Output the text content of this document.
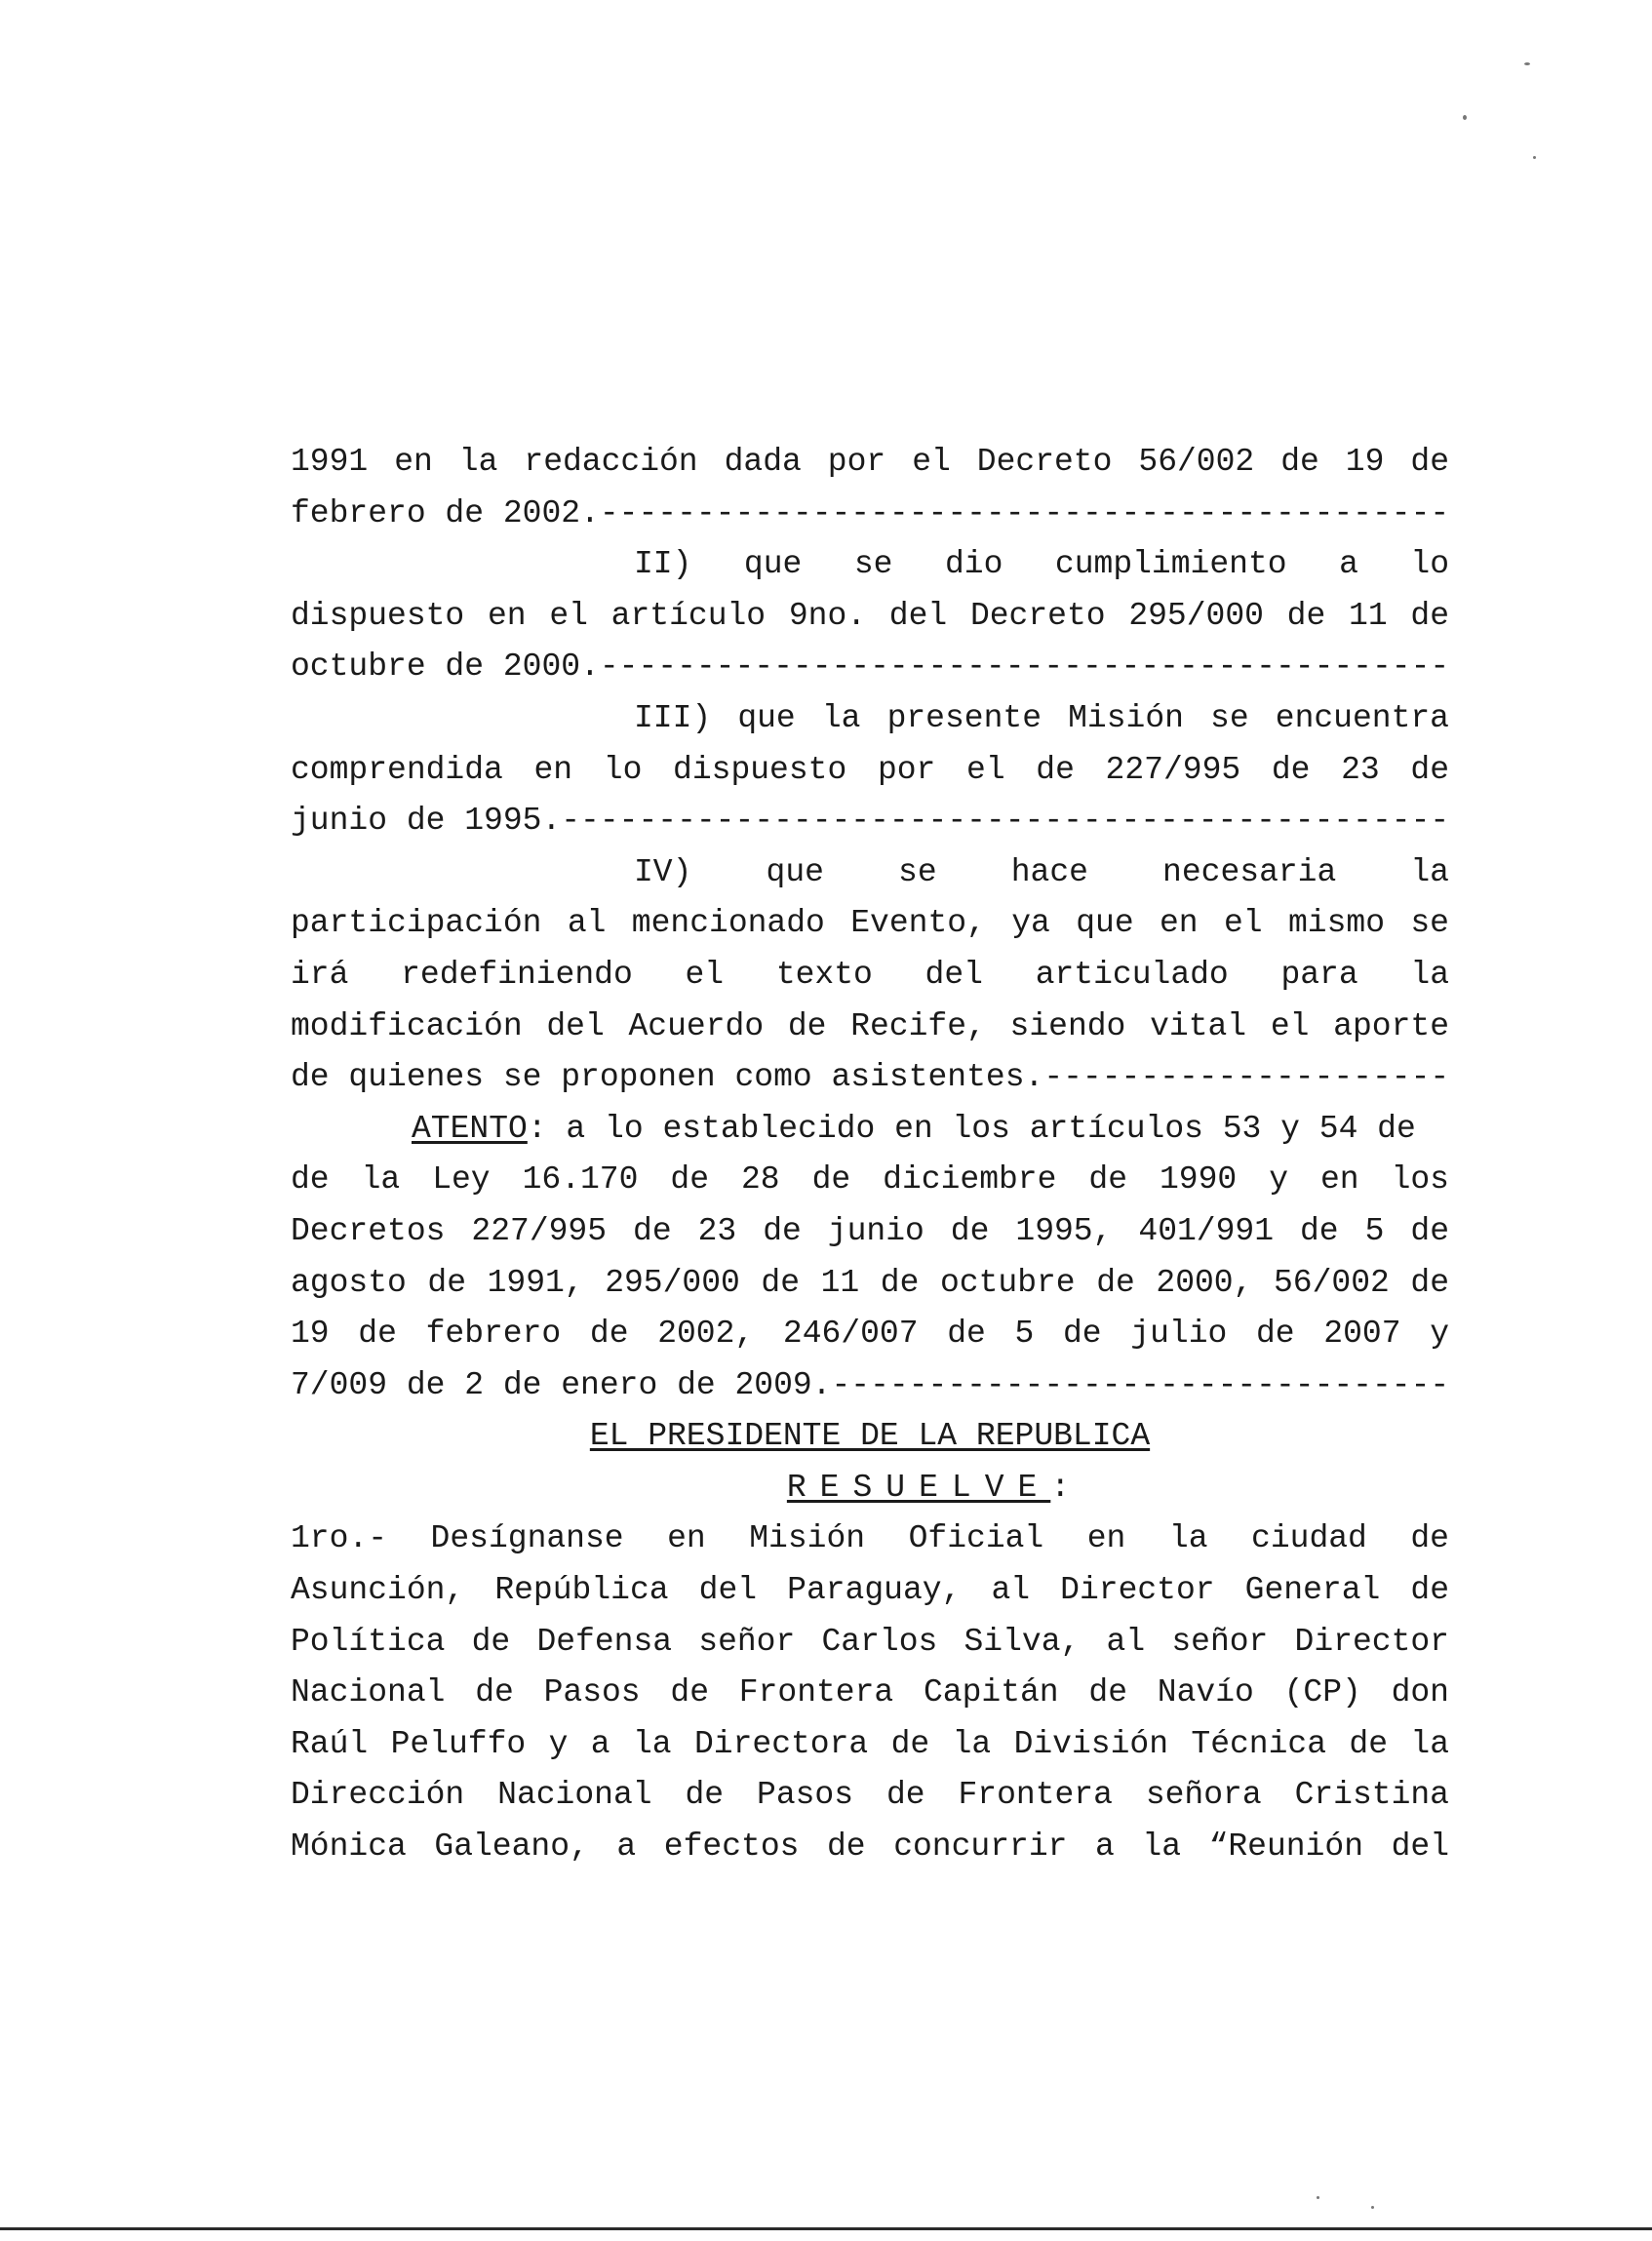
1991 en la redacción dada por el Decreto 56/002 de 19 de
febrero de 2002.
-----
II) que se dio cumplimiento a lo
dispuesto en el artículo 9no. del Decreto 295/000 de 11 de
octubre de 2000.
-----
III) que la presente Misión se encuentra
comprendida en lo dispuesto por el de 227/995 de 23 de
junio de 1995.
-----
IV) que se hace necesaria la
participación al mencionado Evento, ya que en el mismo se
irá redefiniendo el texto del articulado para la
modificación del Acuerdo de Recife, siendo vital el aporte
de quienes se proponen como asistentes.
-----
ATENTO: a lo establecido en los artículos 53 y 54 de
de la Ley 16.170 de 28 de diciembre de 1990 y en los
Decretos 227/995 de 23 de junio de 1995, 401/991 de 5 de
agosto de 1991, 295/000 de 11 de octubre de 2000, 56/002 de
19 de febrero de 2002, 246/007 de 5 de julio de 2007 y
7/009 de 2 de enero de 2009.
-----
EL PRESIDENTE DE LA REPUBLICA
RESUELVE:
1ro.- Desígnanse en Misión Oficial en la ciudad de
Asunción, República del Paraguay, al Director General de
Política de Defensa señor Carlos Silva, al señor Director
Nacional de Pasos de Frontera Capitán de Navío (CP) don
Raúl Peluffo y a la Directora de la División Técnica de la
Dirección Nacional de Pasos de Frontera señora Cristina
Mónica Galeano, a efectos de concurrir a la “Reunión del
